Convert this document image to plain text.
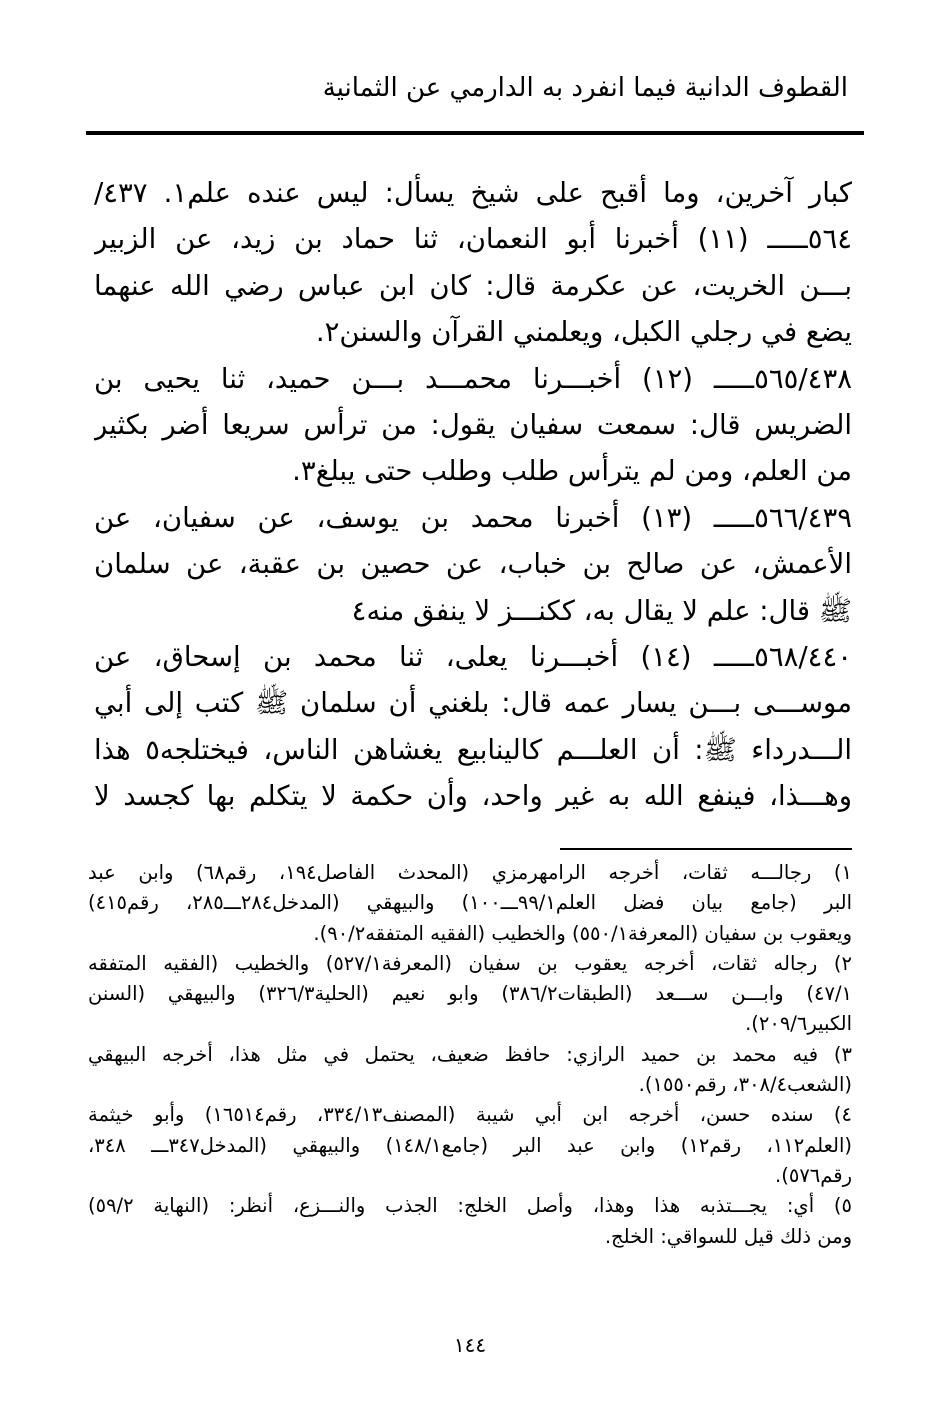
القطوف الدانية فيما انفرد به الدارمي عن الثمانية
كبار آخرين، وما أقبح على شيخ يسأل: ليس عنده علم١. ٤٣٧/
٥٦٤ـــــ (١١) أخبرنا أبو النعمان، ثنا حماد بن زيد، عن الزبير
بـــن الخريت، عن عكرمة قال: كان ابن عباس رضي الله عنهما
يضع في رجلي الكبل، ويعلمني القرآن والسنن٢.
٥٦٥/٤٣٨ـــــ (١٢) أخبـــرنا محمـــد بـــن حميد، ثنا يحيى بن
الضريس قال: سمعت سفيان يقول: من ترأس سريعا أضر بكثير
من العلم، ومن لم يترأس طلب وطلب حتى يبلغ٣.
٥٦٦/٤٣٩ـــــ (١٣) أخبرنا محمد بن يوسف، عن سفيان، عن
الأعمش، عن صالح بن خباب، عن حصين بن عقبة، عن سلمان
ﷺ قال: علم لا يقال به، ككنـــز لا ينفق منه٤
٥٦٨/٤٤٠ـــــ (١٤) أخبـــرنا يعلى، ثنا محمد بن إسحاق، عن
موســـى بـــن يسار عمه قال: بلغني أن سلمان ﷺ كتب إلى أبي
الـــدرداء ﷺ: أن العلـــم كالينابيع يغشاهن الناس، فيختلجه٥ هذا
وهـــذا، فينفع الله به غير واحد، وأن حكمة لا يتكلم بها كجسد لا
١) رجالـــه ثقات، أخرجه الرامهرمزي (المحدث الفاصل١٩٤، رقم٦٨) وابن عبد
البر (جامع بيان فضل العلم٩٩/١ـــ١٠٠) والبيهقي (المدخل٢٨٤ـــ٢٨٥، رقم٤١٥)
ويعقوب بن سفيان (المعرفة٥٥٠/١) والخطيب (الفقيه المتفقه٩٠/٢).
٢) رجاله ثقات، أخرجه يعقوب بن سفيان (المعرفة٥٢٧/١) والخطيب (الفقيه المتفقه
٤٧/١) وابـــن ســـعد (الطبقات٣٨٦/٢) وابو نعيم (الحلية٣٢٦/٣) والبيهقي (السنن
الكبير٢٠٩/٦).
٣) فيه محمد بن حميد الرازي: حافظ ضعيف، يحتمل في مثل هذا، أخرجه البيهقي
(الشعب٣٠٨/٤، رقم١٥٥٠).
٤) سنده حسن، أخرجه ابن أبي شيبة (المصنف٣٣٤/١٣، رقم١٦٥١٤) وأبو خيثمة
(العلم١١٢، رقم١٢) وابن عبد البر (جامع١٤٨/١) والبيهقي (المدخل٣٤٧ـــ ٣٤٨،
رقم٥٧٦).
٥) أي: يجـــتذبه هذا وهذا، وأصل الخلج: الجذب والنـــزع، أنظر: (النهاية ٥٩/٢)
ومن ذلك قيل للسواقي: الخلج.
١٤٤
